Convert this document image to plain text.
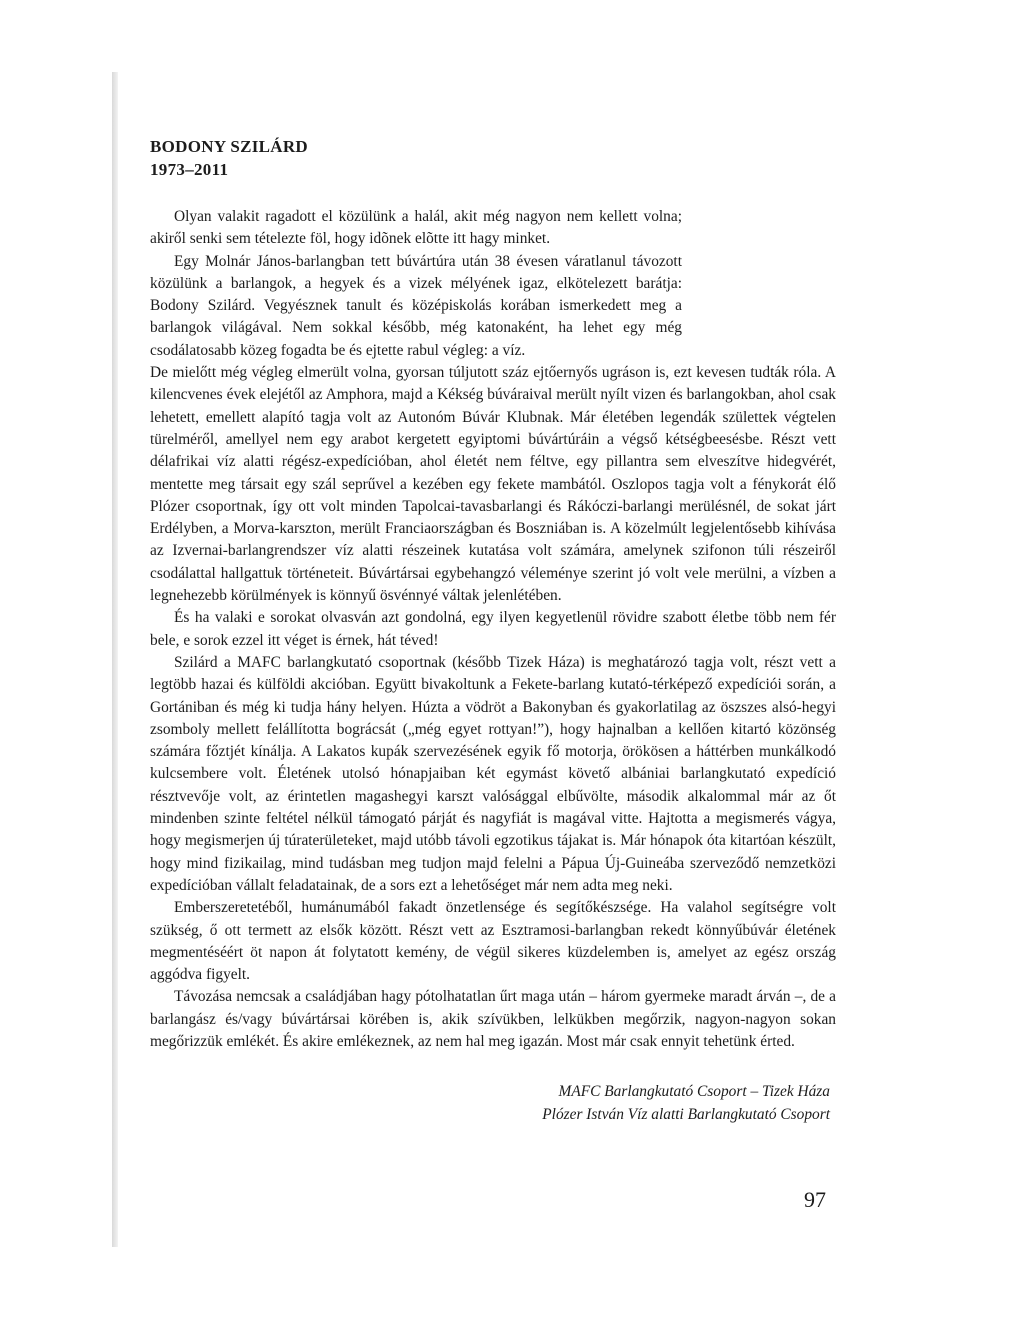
BODONY SZILÁRD
1973–2011

Olyan valakit ragadott el közülünk a halál, akit még nagyon nem kellett volna; akiről senki sem tételezte föl, hogy idõnek elõtte itt hagy minket.

Egy Molnár János-barlangban tett búvártúra után 38 évesen váratlanul távozott közülünk a barlangok, a hegyek és a vizek mélyének igaz, elkötelezett barátja: Bodony Szilárd. Vegyésznek tanult és középiskolás korában ismerkedett meg a barlangok világával. Nem sokkal később, még katonaként, ha lehet egy még csodálatosabb közeg fogadta be és ejtette rabul végleg: a víz.

De mielőtt még végleg elmerült volna, gyorsan túljutott száz ejtőernyős ugráson is, ezt kevesen tudták róla. A kilencvenes évek elejétől az Amphora, majd a Kékség búváraival merült nyílt vizen és barlangokban, ahol csak lehetett, emellett alapító tagja volt az Autonóm Búvár Klubnak. Már életében legendák születtek végtelen türelméről, amellyel nem egy arabot kergetett egyiptomi búvártúráin a végső kétségbeesésbe. Részt vett délafrikai víz alatti régész-expedícióban, ahol életét nem féltve, egy pillantra sem elveszítve hidegvérét, mentette meg társait egy szál seprűvel a kezében egy fekete mambától. Oszlopos tagja volt a fénykorát élő Plózer csoportnak, így ott volt minden Tapolcai-tavasbarlangi és Rákóczi-barlangi merülésnél, de sokat járt Erdélyben, a Morva-karszton, merült Franciaországban és Boszniában is. A közelmúlt legjelentősebb kihívása az Izvernai-barlangrendszer víz alatti részeinek kutatása volt számára, amelynek szifonon túli részeiről csodálattal hallgattuk történeteit. Búvártársai egybehangzó véleménye szerint jó volt vele merülni, a vízben a legnehezebb körülmények is könnyű ösvénnyé váltak jelenlétében.

És ha valaki e sorokat olvasván azt gondolná, egy ilyen kegyetlenül rövidre szabott életbe több nem fér bele, e sorok ezzel itt véget is érnek, hát téved!

Szilárd a MAFC barlangkutató csoportnak (később Tizek Háza) is meghatározó tagja volt, részt vett a legtöbb hazai és külföldi akcióban. Együtt bivakoltunk a Fekete-barlang kutató-térképező expedíciói során, a Gortániban és még ki tudja hány helyen. Húzta a vödröt a Bakonyban és gyakorlatilag az öszszes alsó-hegyi zsomboly mellett felállította bográcsát („még egyet rottyan!”), hogy hajnalban a kellően kitartó közönség számára főztjét kínálja. A Lakatos kupák szervezésének egyik fő motorja, örökösen a háttérben munkálkodó kulcsembere volt. Életének utolsó hónapjaiban két egymást követő albániai barlangkutató expedíció résztvevője volt, az érintetlen magashegyi karszt valósággal elbűvölte, második alkalommal már az őt mindenben szinte feltétel nélkül támogató párját és nagyfiát is magával vitte. Hajtotta a megismerés vágya, hogy megismerjen új túraterületeket, majd utóbb távoli egzotikus tájakat is. Már hónapok óta kitartóan készült, hogy mind fizikailag, mind tudásban meg tudjon majd felelni a Pápua Új-Guineába szerveződő nemzetközi expedícióban vállalt feladatainak, de a sors ezt a lehetőséget már nem adta meg neki.

Emberszeretetéből, humánumából fakadt önzetlensége és segítőkészsége. Ha valahol segítségre volt szükség, ő ott termett az elsők között. Részt vett az Esztramosi-barlangban rekedt könnyűbúvár életének megmentéséért öt napon át folytatott kemény, de végül sikeres küzdelemben is, amelyet az egész ország aggódva figyelt.

Távozása nemcsak a családjában hagy pótolhatatlan űrt maga után – három gyermeke maradt árván –, de a barlangász és/vagy búvártársai körében is, akik szívükben, lelkükben megőrzik, nagyon-nagyon sokan megőrizzük emlékét. És akire emlékeznek, az nem hal meg igazán. Most már csak ennyit tehetünk érted.

MAFC Barlangkutató Csoport – Tizek Háza
Plózer István Víz alatti Barlangkutató Csoport
97
